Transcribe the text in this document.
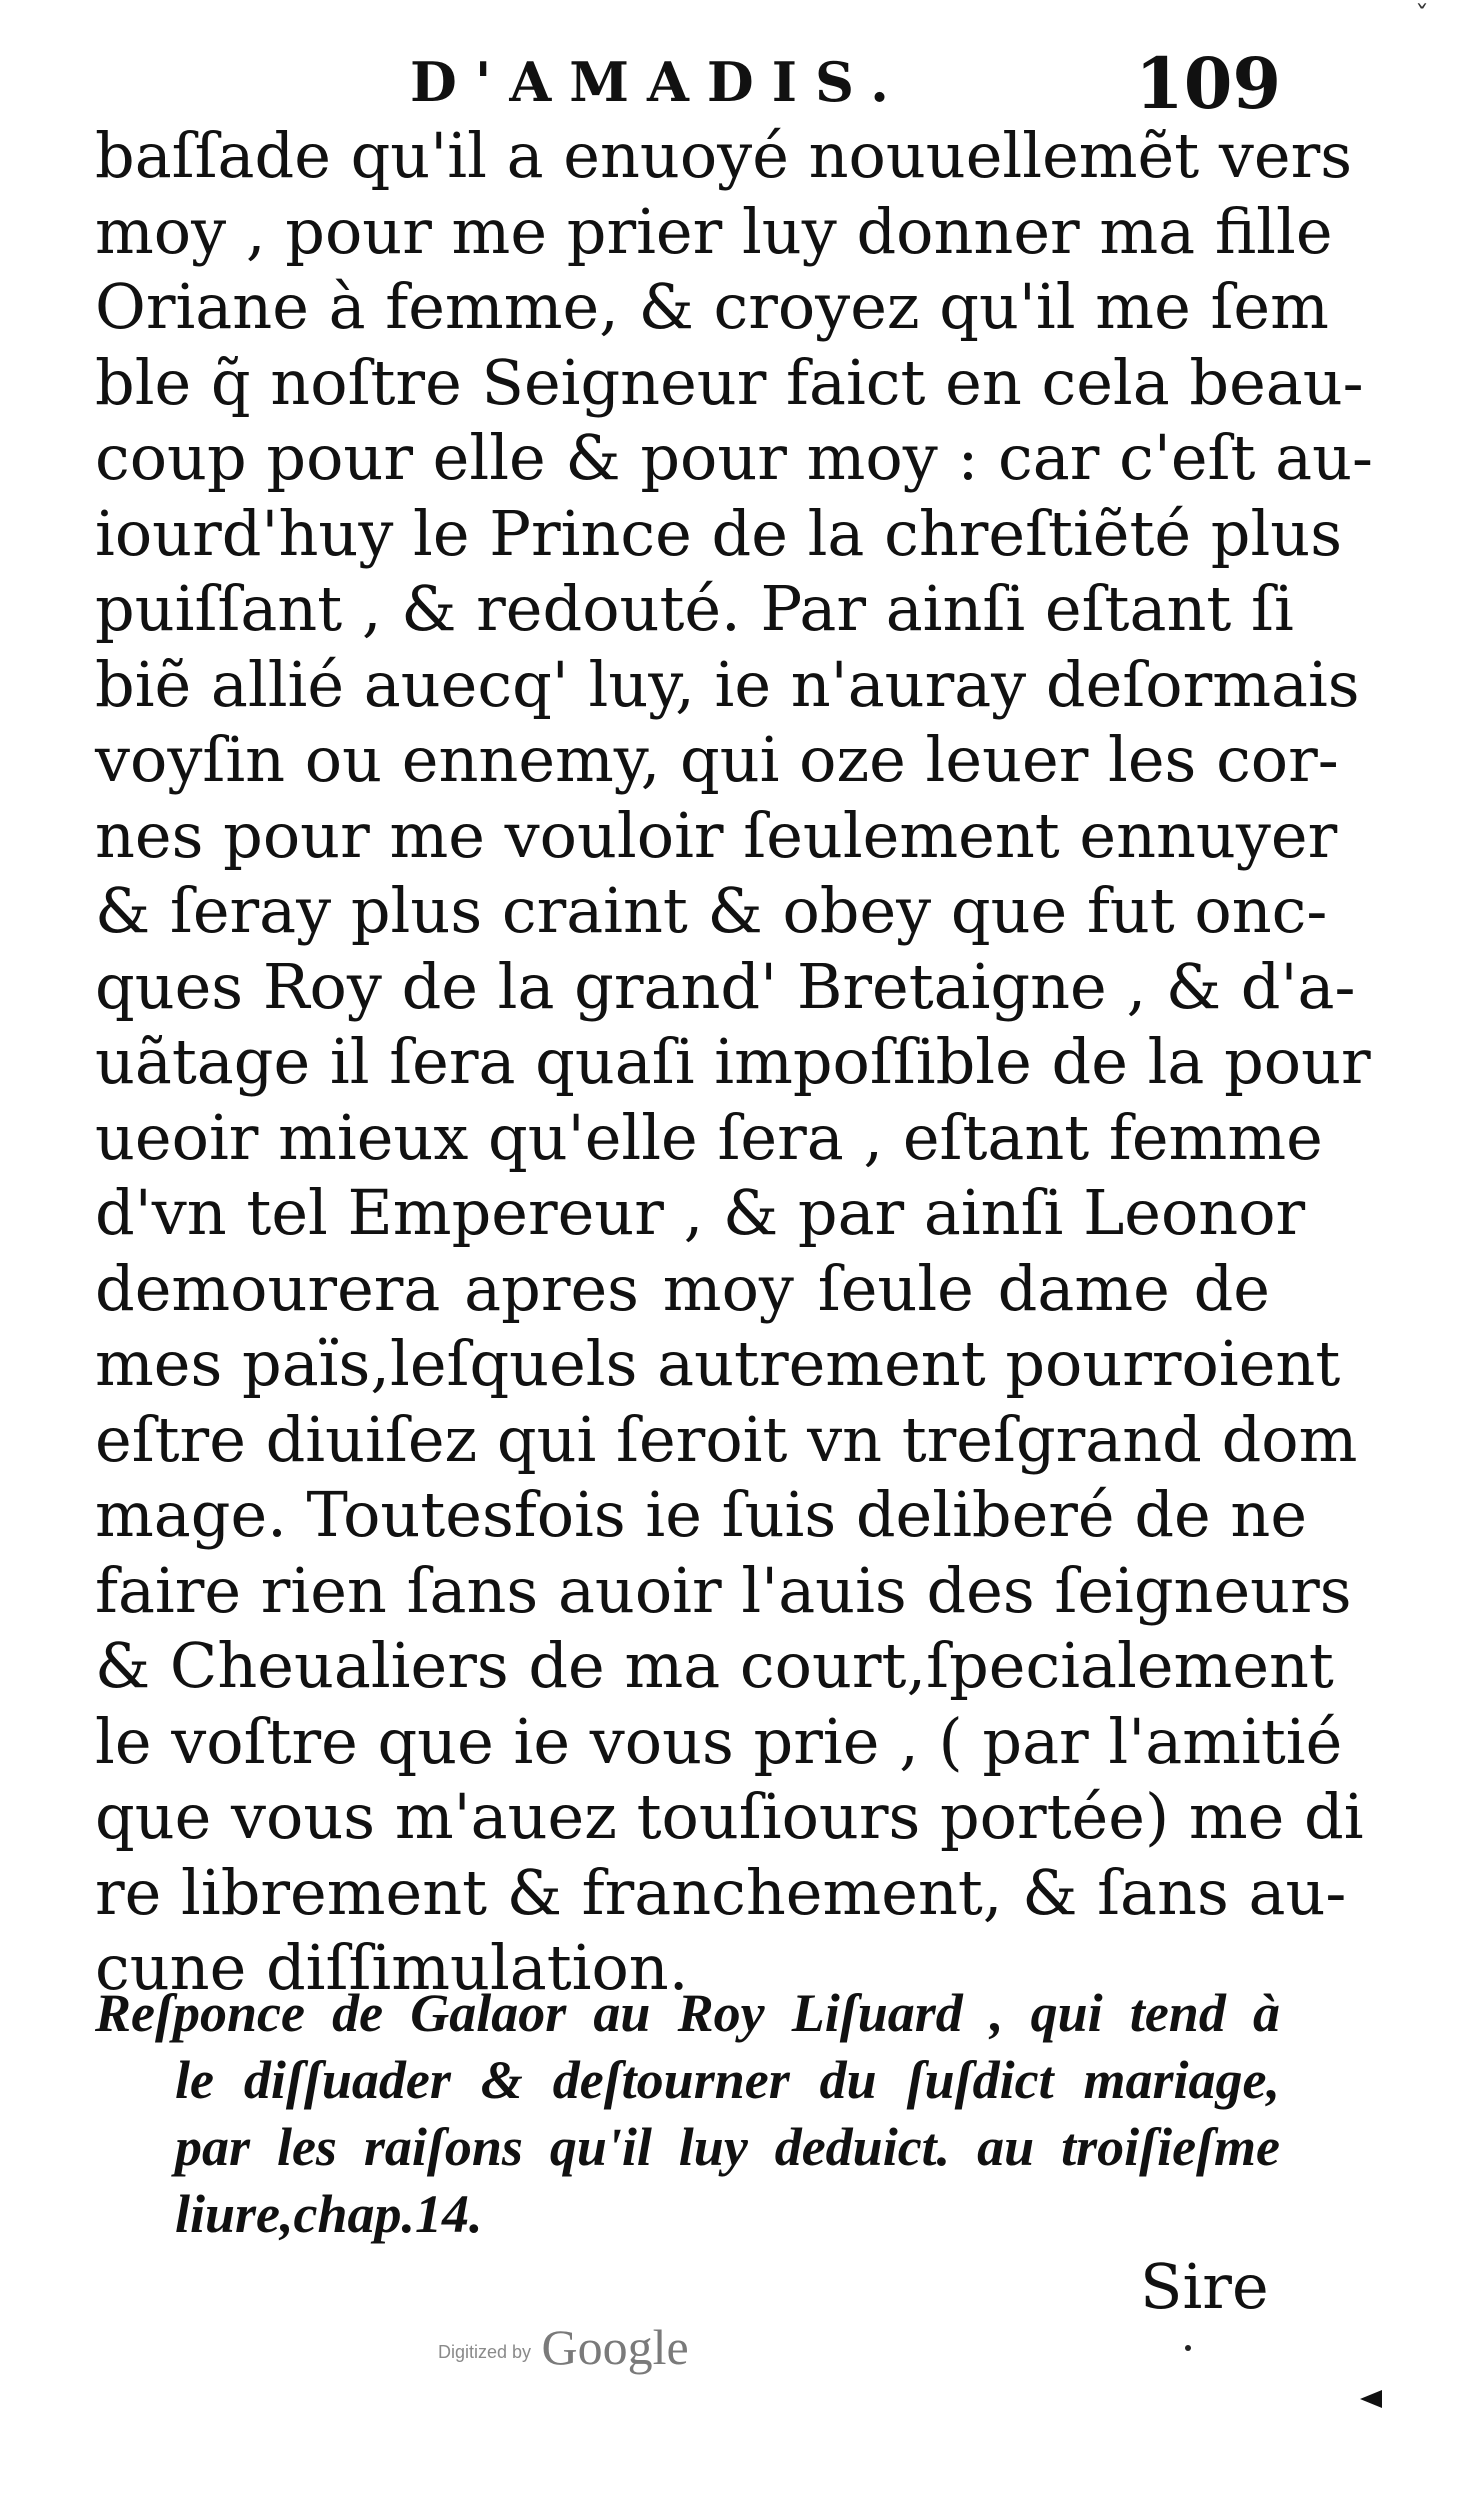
ˇ
D'AMADIS.	109
baſſade qu'il a enuoyé nouuellemẽt vers
moy , pour me prier luy donner ma fille
Oriane à femme, & croyez qu'il me ſem
ble q̃ noſtre Seigneur faict en cela beau-
coup pour elle & pour moy : car c'eſt au-
iourd'huy le Prince de la chreſtiẽté plus
puiſſant , & redouté. Par ainſi eſtant ſi
biẽ allié auecq' luy, ie n'auray deſormais
voyſin ou ennemy, qui oze leuer les cor-
nes pour me vouloir ſeulement ennuyer
& ſeray plus craint & obey que fut onc-
ques Roy de la grand' Bretaigne , & d'a-
uãtage il ſera quaſi impoſſible de la pour
ueoir mieux qu'elle ſera , eſtant femme
d'vn tel Empereur , & par ainſi Leonor
demourera apres moy ſeule dame de
mes païs,leſquels autrement pourroient
eſtre diuiſez qui ſeroit vn treſgrand dom
mage. Toutesfois ie ſuis deliberé de ne
faire rien ſans auoir l'auis des ſeigneurs
& Cheualiers de ma court,ſpecialement
le voſtre que ie vous prie , ( par l'amitié
que vous m'auez touſiours portée) me di
re librement & franchement, & ſans au-
cune diſſimulation.
Reſponce de Galaor au Roy Liſuard , qui tend à
le diſſuader & deſtourner du ſuſdict mariage,
par les raiſons qu'il luy deduict. au troiſieſme
liure,chap.14.
Sire
Digitized by Google
